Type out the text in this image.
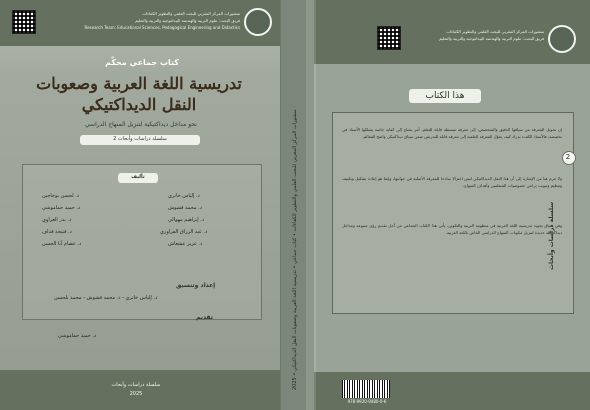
منشورات المركز المغربي للبحث العلمي والتطوير الكفاءات
فريق البحث: علوم التربية والهندسة البيداغوجية والتربية والتعليم
Research Team: Educational Sciences, Pedagogical Engineering and Didactics
كتاب جماعي محكّم
تدريسية اللغة العربية وصعوبات
النقل الديداكتيكي
نحو مداخل ديداكتيكية لتنزيل المنهاج الدراسي
سلسلة دراسات وأبحاث 2
تأليف
د. إلياس خاتري
د. محمد قشوش
د. إبراهيم مهوالي
د. عبد الرزاق الفزاوري
د. عزيز عشعاش
د. لحسن بوجاجين
د. حميد حماموشي
د. بدر العزاوي
د. فتيحة قداف
د. عصام أبا الحسن
إعداد وتنسيق
د. إلياس خاتري - د. محمد قشوش - محمد بلحسن
تقديم
د. حميد حماموشي
سلسلة دراسات وأبحاث
2025
منشورات المركز المغربي للبحث العلمي والتطوير الكفاءات • كتاب جماعي • تدريسية اللغة العربية وصعوبات النقل الديداكتيكي • 2025
منشورات المركز المغربي للبحث العلمي والتطوير الكفاءات
فريق البحث: علوم التربية والهندسة البيداغوجية والتربية والتعليم
هذا الكتاب
978-9920-9480-0-6
2
إن تحويل المعرفة من سياقها الدقيق والمتخصص، إلى معرفة مبسطة قابلة للتعلم، أمر يحتاج إلى كفاية خاصة يمتلكها الأستاذ في تخصصه، فالأستاذ الكفء يدرك كيف يحوّل المعرفة العلمية إلى معرفة قابلة للتدريس ضمن سياق ديداكتيكي واضح المعالم.
ولا جرم هنا من الإشارة إلى أن هذا النقل الديداكتيكي ليس اختزالا ساذجا للمعرفة الأصلية في جوانبها، وإنما هو إعادة تشكيل وتكييف وتنظيم وتبويب يراعي خصوصيات المتعلمين وأهداف المنهاج.
وفي سياق تجويد تدريسية اللغة العربية في منظومة التربية والتكوين، يأتي هذا الكتاب الجماعي من أجل تقديم رؤى متنوعة ومداخل ديداكتيكية جديدة لتنزيل مكونات المنهاج الدراسي الخاص باللغة العربية.
سلسلة دراسات وأبحاث
